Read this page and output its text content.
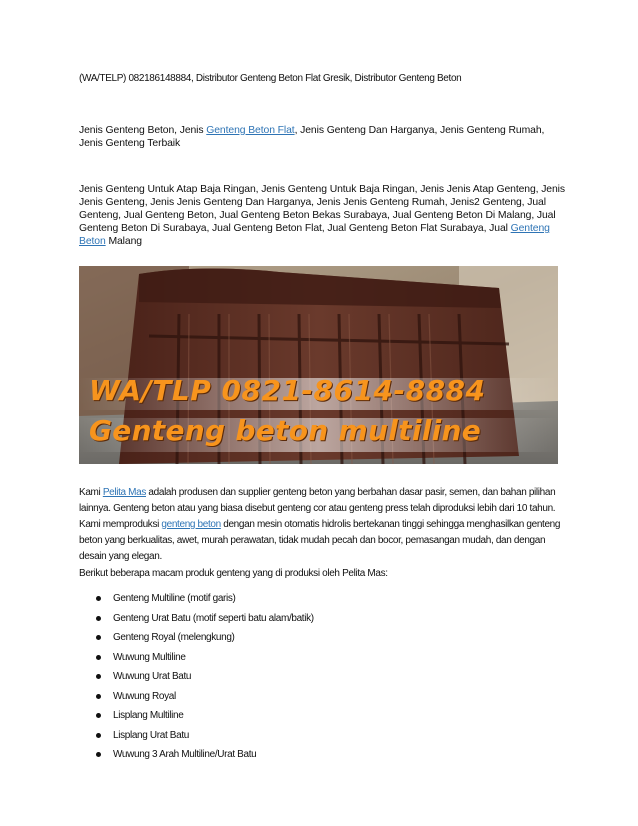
(WA/TELP) 082186148884, Distributor Genteng Beton Flat Gresik, Distributor Genteng Beton

Jenis Genteng Beton, Jenis Genteng Beton Flat, Jenis Genteng Dan Harganya, Jenis Genteng Rumah, Jenis Genteng Terbaik

Jenis Genteng Untuk Atap Baja Ringan, Jenis Genteng Untuk Baja Ringan, Jenis Jenis Atap Genteng, Jenis Jenis Genteng, Jenis Jenis Genteng Dan Harganya, Jenis Jenis Genteng Rumah, Jenis2 Genteng, Jual Genteng, Jual Genteng Beton, Jual Genteng Beton Bekas Surabaya, Jual Genteng Beton Di Malang, Jual Genteng Beton Di Surabaya, Jual Genteng Beton Flat, Jual Genteng Beton Flat Surabaya, Jual Genteng Beton Malang

WA/TLP 0821-8614-8884
Genteng beton multiline

Kami Pelita Mas adalah produsen dan supplier genteng beton yang berbahan dasar pasir, semen, dan bahan pilihan lainnya. Genteng beton atau yang biasa disebut genteng cor atau genteng press telah diproduksi lebih dari 10 tahun. Kami memproduksi genteng beton dengan mesin otomatis hidrolis bertekanan tinggi sehingga menghasilkan genteng beton yang berkualitas, awet, murah perawatan, tidak mudah pecah dan bocor, pemasangan mudah, dan dengan desain yang elegan.

Berikut beberapa macam produk genteng yang di produksi oleh Pelita Mas:

Genteng Multiline (motif garis)
Genteng Urat Batu (motif seperti batu alam/batik)
Genteng Royal (melengkung)
Wuwung Multiline
Wuwung Urat Batu
Wuwung Royal
Lisplang Multiline
Lisplang Urat Batu
Wuwung 3 Arah Multiline/Urat Batu
